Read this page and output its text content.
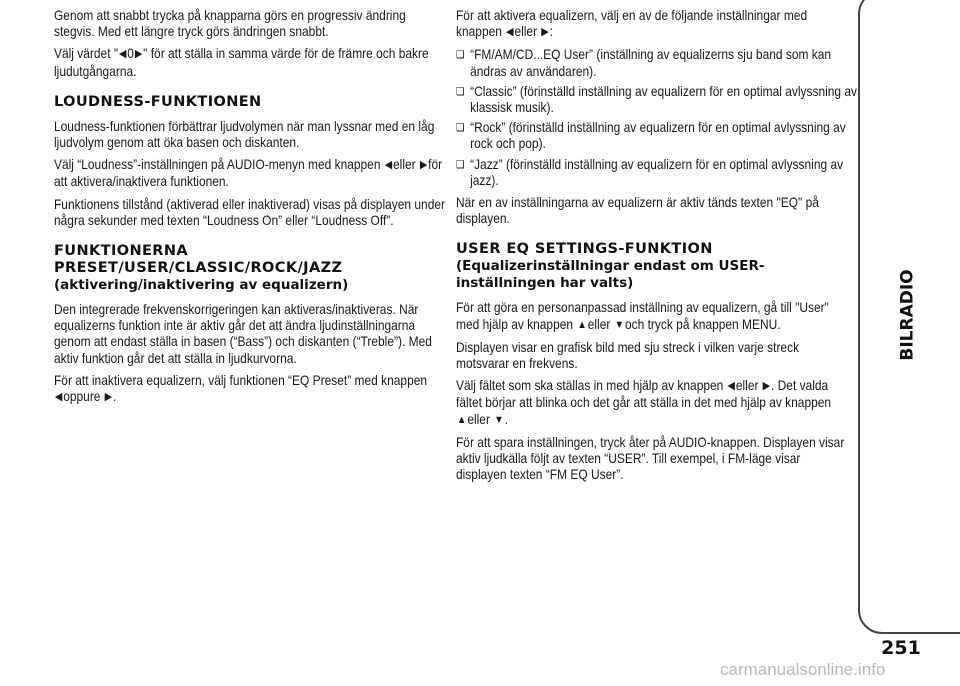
Genom att snabbt trycka på knapparna görs en progressiv ändring stegvis. Med ett längre tryck görs ändringen snabbt.

Välj värdet "◀0▶" för att ställa in samma värde för de främre och bakre ljudutgångarna.

LOUDNESS-FUNKTIONEN

Loudness-funktionen förbättrar ljudvolymen när man lyssnar med en låg ljudvolym genom att öka basen och diskanten.

Välj “Loudness”-inställningen på AUDIO-menyn med knappen ◀eller ▶för att aktivera/inaktivera funktionen.

Funktionens tillstånd (aktiverad eller inaktiverad) visas på displayen under några sekunder med texten “Loudness On” eller “Loudness Off”.

FUNKTIONERNA PRESET/USER/CLASSIC/ROCK/JAZZ
(aktivering/inaktivering av equalizern)

Den integrerade frekvenskorrigeringen kan aktiveras/inaktiveras. När equalizerns funktion inte är aktiv går det att ändra ljudinställningarna genom att endast ställa in basen (“Bass”) och diskanten (“Treble”). Med aktiv funktion går det att ställa in ljudkurvorna.

För att inaktivera equalizern, välj funktionen “EQ Preset” med knappen ◀oppure ▶.

För att aktivera equalizern, välj en av de följande inställningar med knappen ◀eller ▶:

❏ “FM/AM/CD...EQ User” (inställning av equalizerns sju band som kan ändras av användaren).
❏ “Classic” (förinställd inställning av equalizern för en optimal avlyssning av klassisk musik).
❏ “Rock” (förinställd inställning av equalizern för en optimal avlyssning av rock och pop).
❏ “Jazz” (förinställd inställning av equalizern för en optimal avlyssning av jazz).

När en av inställningarna av equalizern är aktiv tänds texten "EQ" på displayen.

USER EQ SETTINGS-FUNKTION
(Equalizerinställningar endast om USER-inställningen har valts)

För att göra en personanpassad inställning av equalizern, gå till "User" med hjälp av knappen ▲eller ▼och tryck på knappen MENU.

Displayen visar en grafisk bild med sju streck i vilken varje streck motsvarar en frekvens.

Välj fältet som ska ställas in med hjälp av knappen ◀eller ▶. Det valda fältet börjar att blinka och det går att ställa in det med hjälp av knappen ▲eller ▼.

För att spara inställningen, tryck åter på AUDIO-knappen. Displayen visar aktiv ljudkälla följt av texten “USER”. Till exempel, i FM-läge visar displayen texten “FM EQ User”.

BILRADIO
251
carmanualsonline.info
